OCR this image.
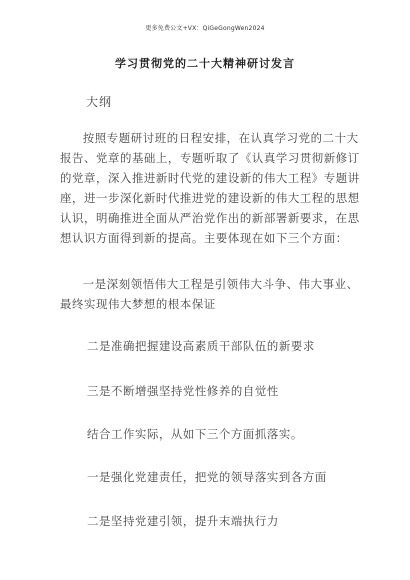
更多免费公文+VX：QiGeGongWen2024
学习贯彻党的二十大精神研讨发言
大纲

按照专题研讨班的日程安排，在认真学习党的二十大报告、党章的基础上，专题听取了《认真学习贯彻新修订的党章，深入推进新时代党的建设新的伟大工程》专题讲座，进一步深化新时代推进党的建设新的伟大工程的思想认识，明确推进全面从严治党作出的新部署新要求，在思想认识方面得到新的提高。主要体现在如下三个方面：

一是深刻领悟伟大工程是引领伟大斗争、伟大事业、最终实现伟大梦想的根本保证

二是准确把握建设高素质干部队伍的新要求
三是不断增强坚持党性修养的自觉性
结合工作实际，从如下三个方面抓落实。
一是强化党建责任，把党的领导落实到各方面
二是坚持党建引领，提升末端执行力
